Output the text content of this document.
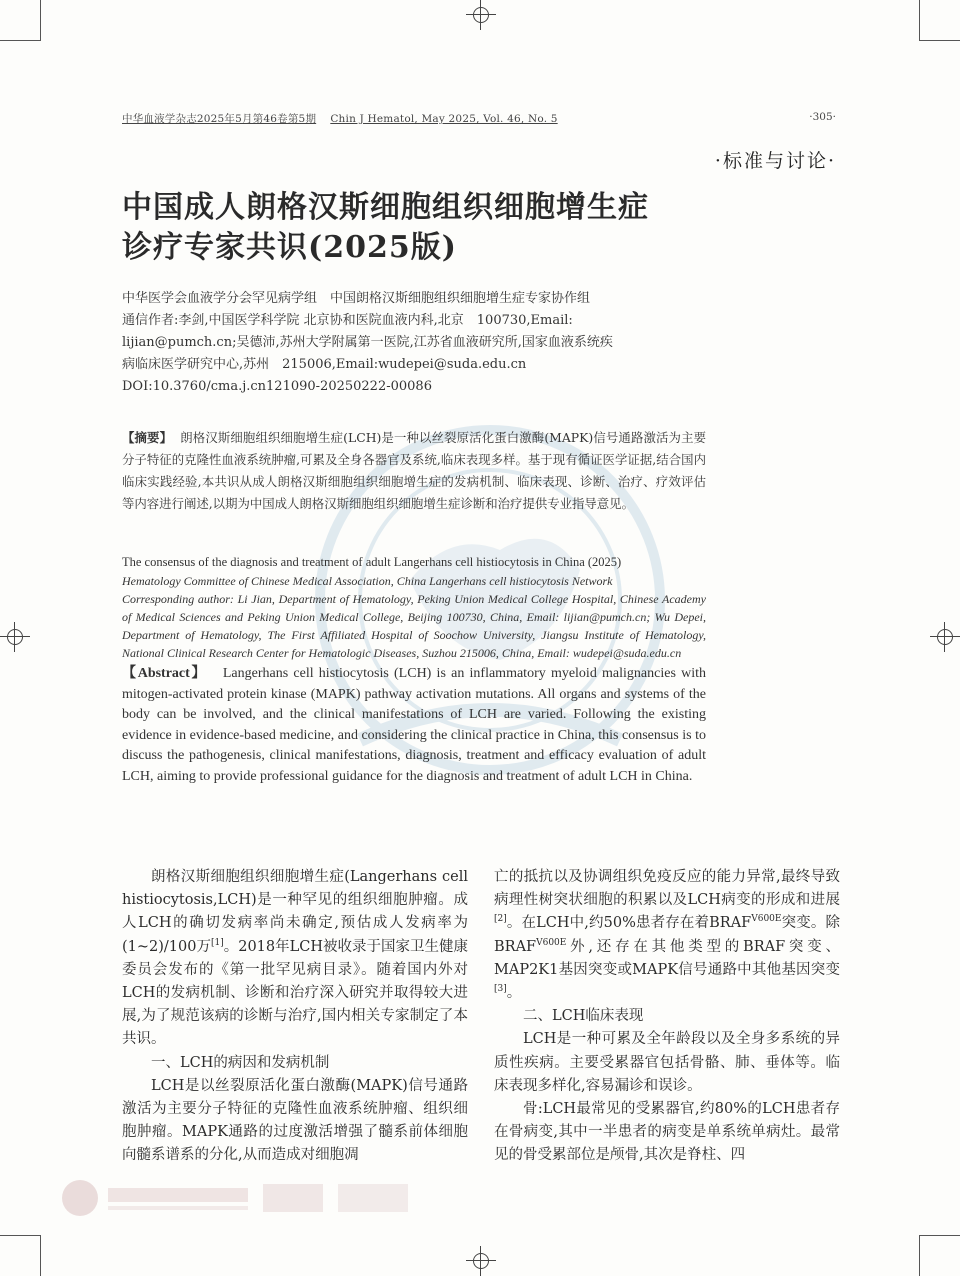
中华血液学杂志2025年5月第46卷第5期 Chin J Hematol, May 2025, Vol. 46, No. 5	·305·
·标准与讨论·
中国成人朗格汉斯细胞组织细胞增生症
诊疗专家共识(2025版)
中华医学会血液学分会罕见病学组　中国朗格汉斯细胞组织细胞增生症专家协作组
通信作者:李剑,中国医学科学院 北京协和医院血液内科,北京　100730,Email:
lijian@pumch.cn;吴德沛,苏州大学附属第一医院,江苏省血液研究所,国家血液系统疾
病临床医学研究中心,苏州　215006,Email:wudepei@suda.edu.cn
DOI:10.3760/cma.j.cn121090-20250222-00086
【摘要】 朗格汉斯细胞组织细胞增生症(LCH)是一种以丝裂原活化蛋白激酶(MAPK)信号通路激活为主要分子特征的克隆性血液系统肿瘤,可累及全身各器官及系统,临床表现多样。基于现有循证医学证据,结合国内临床实践经验,本共识从成人朗格汉斯细胞组织细胞增生症的发病机制、临床表现、诊断、治疗、疗效评估等内容进行阐述,以期为中国成人朗格汉斯细胞组织细胞增生症诊断和治疗提供专业指导意见。
The consensus of the diagnosis and treatment of adult Langerhans cell histiocytosis in China (2025)
Hematology Committee of Chinese Medical Association, China Langerhans cell histiocytosis Network
Corresponding author: Li Jian, Department of Hematology, Peking Union Medical College Hospital, Chinese Academy of Medical Sciences and Peking Union Medical College, Beijing 100730, China, Email: lijian@pumch.cn; Wu Depei, Department of Hematology, The First Affiliated Hospital of Soochow University, Jiangsu Institute of Hematology, National Clinical Research Center for Hematologic Diseases, Suzhou 215006, China, Email: wudepei@suda.edu.cn
【Abstract】 Langerhans cell histiocytosis (LCH) is an inflammatory myeloid malignancies with mitogen-activated protein kinase (MAPK) pathway activation mutations. All organs and systems of the body can be involved, and the clinical manifestations of LCH are varied. Following the existing evidence in evidence-based medicine, and considering the clinical practice in China, this consensus is to discuss the pathogenesis, clinical manifestations, diagnosis, treatment and efficacy evaluation of adult LCH, aiming to provide professional guidance for the diagnosis and treatment of adult LCH in China.

朗格汉斯细胞组织细胞增生症(Langerhans cell histiocytosis,LCH)是一种罕见的组织细胞肿瘤。成人LCH的确切发病率尚未确定,预估成人发病率为(1~2)/100万[1]。2018年LCH被收录于国家卫生健康委员会发布的《第一批罕见病目录》。随着国内外对LCH的发病机制、诊断和治疗深入研究并取得较大进展,为了规范该病的诊断与治疗,国内相关专家制定了本共识。

一、LCH的病因和发病机制

LCH是以丝裂原活化蛋白激酶(MAPK)信号通路激活为主要分子特征的克隆性血液系统肿瘤、组织细胞肿瘤。MAPK通路的过度激活增强了髓系前体细胞向髓系谱系的分化,从而造成对细胞凋

亡的抵抗以及协调组织免疫反应的能力异常,最终导致病理性树突状细胞的积累以及LCH病变的形成和进展[2]。在LCH中,约50%患者存在着$BRAF^{V600E}$突变。除$BRAF^{V600E}$外,还存在其他类型的BRAF突变、MAP2K1基因突变或MAPK信号通路中其他基因突变[3]。

二、LCH临床表现

LCH是一种可累及全年龄段以及全身多系统的异质性疾病。主要受累器官包括骨骼、肺、垂体等。临床表现多样化,容易漏诊和误诊。

骨:LCH最常见的受累器官,约80%的LCH患者存在骨病变,其中一半患者的病变是单系统单病灶。最常见的骨受累部位是颅骨,其次是脊柱、四
